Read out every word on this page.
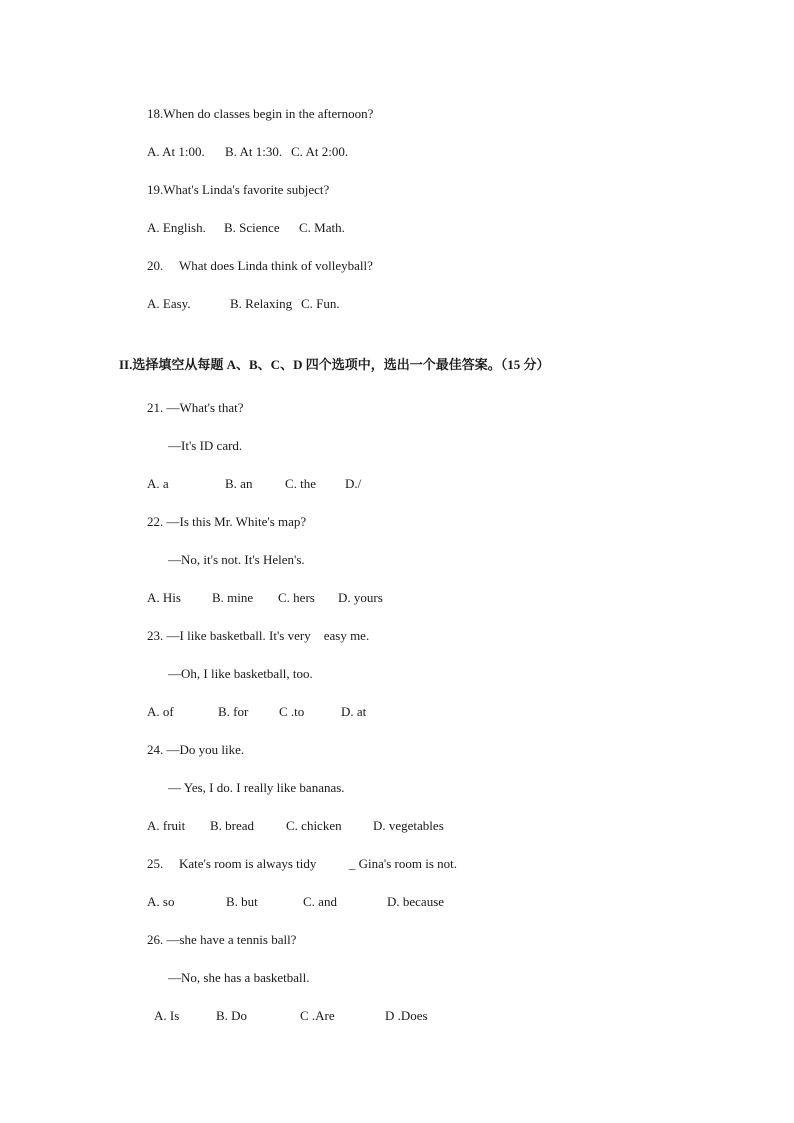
18.When do classes begin in the afternoon?
A. At 1:00. B. At 1:30. C. At 2:00.
19.What's Linda's favorite subject?
A. English. B. Science C. Math.
20. What does Linda think of volleyball?
A. Easy.	B. Relaxing C. Fun.
II.选择填空从每题 A、B、C、D 四个选项中，选出一个最佳答案。（15 分）
21. —What's that?
—It's ID card.
A. a	B. an	C. the D./
22. —Is this Mr. White's map?
—No, it's not. It's Helen's.
A. His B. mine C. hers D. yours
23. —I like basketball. It's very    easy me.
—Oh, I like basketball, too.
A. of	B. for C .to	D. at
24. —Do you like.
— Yes, I do. I really like bananas.
A. fruit B. bread C. chicken D. vegetables
25. Kate's room is always tidy          _ Gina's room is not.
A. so	B. but	C. and	D. because
26. —she have a tennis ball?
—No, she has a basketball.
A. Is	B. Do	C .Are	D .Does
